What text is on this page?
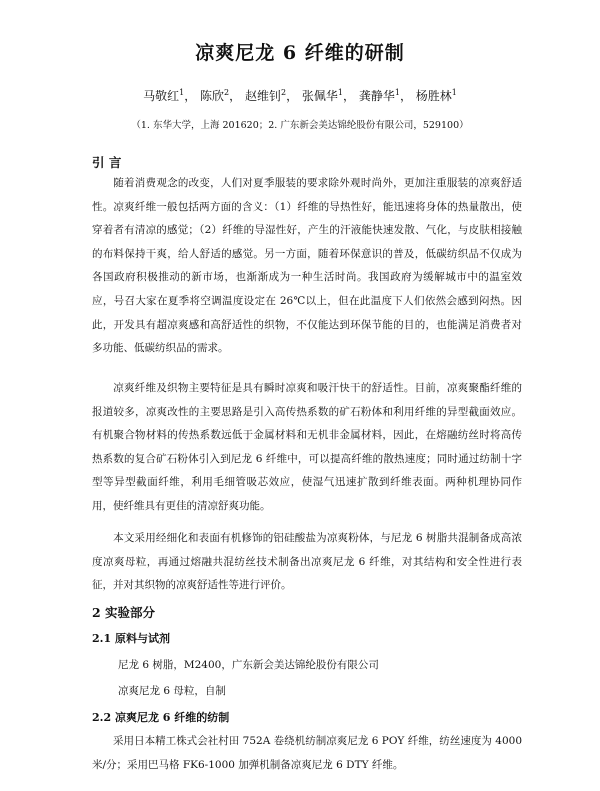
凉爽尼龙 6 纤维的研制
马敬红$^1$， 陈欣$^2$， 赵维钊$^2$， 张佩华$^1$， 龚静华$^1$， 杨胜林$^1$
（1. 东华大学，上海 201620；2. 广东新会美达锦纶股份有限公司，529100）
引 言
随着消费观念的改变，人们对夏季服装的要求除外观时尚外，更加注重服装的凉爽舒适性。凉爽纤维一般包括两方面的含义：（1）纤维的导热性好，能迅速将身体的热量散出，使穿着者有清凉的感觉；（2）纤维的导湿性好，产生的汗液能快速发散、气化，与皮肤相接触的布料保持干爽，给人舒适的感觉。另一方面，随着环保意识的普及，低碳纺织品不仅成为各国政府积极推动的新市场，也渐渐成为一种生活时尚。我国政府为缓解城市中的温室效应，号召大家在夏季将空调温度设定在 26℃以上，但在此温度下人们依然会感到闷热。因此，开发具有超凉爽感和高舒适性的织物，不仅能达到环保节能的目的，也能满足消费者对多功能、低碳纺织品的需求。
凉爽纤维及织物主要特征是具有瞬时凉爽和吸汗快干的舒适性。目前，凉爽聚酯纤维的报道较多，凉爽改性的主要思路是引入高传热系数的矿石粉体和利用纤维的异型截面效应。有机聚合物材料的传热系数远低于金属材料和无机非金属材料，因此，在熔融纺丝时将高传热系数的复合矿石粉体引入到尼龙 6 纤维中，可以提高纤维的散热速度；同时通过纺制十字型等异型截面纤维，利用毛细管吸芯效应，使湿气迅速扩散到纤维表面。两种机理协同作用，使纤维具有更佳的清凉舒爽功能。
本文采用经细化和表面有机修饰的铝硅酸盐为凉爽粉体，与尼龙 6 树脂共混制备成高浓度凉爽母粒，再通过熔融共混纺丝技术制备出凉爽尼龙 6 纤维，对其结构和安全性进行表征，并对其织物的凉爽舒适性等进行评价。
2 实验部分
2.1 原料与试剂
尼龙 6 树脂，M2400，广东新会美达锦纶股份有限公司
凉爽尼龙 6 母粒，自制
2.2 凉爽尼龙 6 纤维的纺制
采用日本精工株式会社村田 752A 卷绕机纺制凉爽尼龙 6 POY 纤维，纺丝速度为 4000 米/分；采用巴马格 FK6-1000 加弹机制备凉爽尼龙 6 DTY 纤维。
